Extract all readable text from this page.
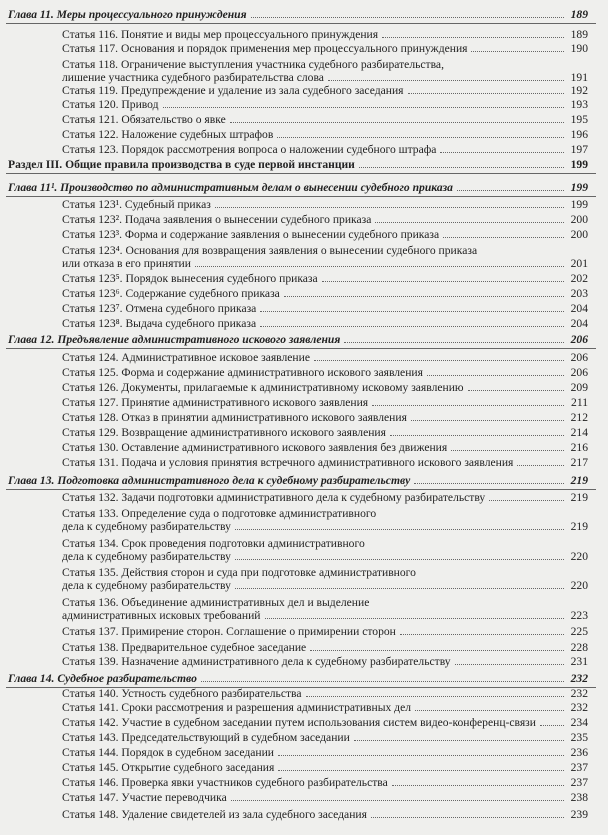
Глава 11. Меры процессуального принуждения	189
Статья 116. Понятие и виды мер процессуального принуждения	189
Статья 117. Основания и порядок применения мер процессуального принуждения	190
Статья 118. Ограничение выступления участника судебного разбирательства,
лишение участника судебного разбирательства слова	191
Статья 119. Предупреждение и удаление из зала судебного заседания	192
Статья 120. Привод	193
Статья 121. Обязательство о явке	195
Статья 122. Наложение судебных штрафов	196
Статья 123. Порядок рассмотрения вопроса о наложении судебного штрафа	197
Раздел III. Общие правила производства в суде первой инстанции	199
Глава 11¹. Производство по административным делам о вынесении судебного приказа	199
Статья 123¹. Судебный приказ	199
Статья 123². Подача заявления о вынесении судебного приказа	200
Статья 123³. Форма и содержание заявления о вынесении судебного приказа	200
Статья 123⁴. Основания для возвращения заявления о вынесении судебного приказа
или отказа в его принятии	201
Статья 123⁵. Порядок вынесения судебного приказа	202
Статья 123⁶. Содержание судебного приказа	203
Статья 123⁷. Отмена судебного приказа	204
Статья 123⁸. Выдача судебного приказа	204
Глава 12. Предъявление административного искового заявления	206
Статья 124. Административное исковое заявление	206
Статья 125. Форма и содержание административного искового заявления	206
Статья 126. Документы, прилагаемые к административному исковому заявлению	209
Статья 127. Принятие административного искового заявления	211
Статья 128. Отказ в принятии административного искового заявления	212
Статья 129. Возвращение административного искового заявления	214
Статья 130. Оставление административного искового заявления без движения	216
Статья 131. Подача и условия принятия встречного административного искового заявления	217
Глава 13. Подготовка административного дела к судебному разбирательству	219
Статья 132. Задачи подготовки административного дела к судебному разбирательству	219
Статья 133. Определение суда о подготовке административного
дела к судебному разбирательству	219
Статья 134. Срок проведения подготовки административного
дела к судебному разбирательству	220
Статья 135. Действия сторон и суда при подготовке административного
дела к судебному разбирательству	220
Статья 136. Объединение административных дел и выделение
административных исковых требований	223
Статья 137. Примирение сторон. Соглашение о примирении сторон	225
Статья 138. Предварительное судебное заседание	228
Статья 139. Назначение административного дела к судебному разбирательству	231
Глава 14. Судебное разбирательство	232
Статья 140. Устность судебного разбирательства	232
Статья 141. Сроки рассмотрения и разрешения административных дел	232
Статья 142. Участие в судебном заседании путем использования систем видео-конференц-связи	234
Статья 143. Председательствующий в судебном заседании	235
Статья 144. Порядок в судебном заседании	236
Статья 145. Открытие судебного заседания	237
Статья 146. Проверка явки участников судебного разбирательства	237
Статья 147. Участие переводчика	238
Статья 148. Удаление свидетелей из зала судебного заседания	239
